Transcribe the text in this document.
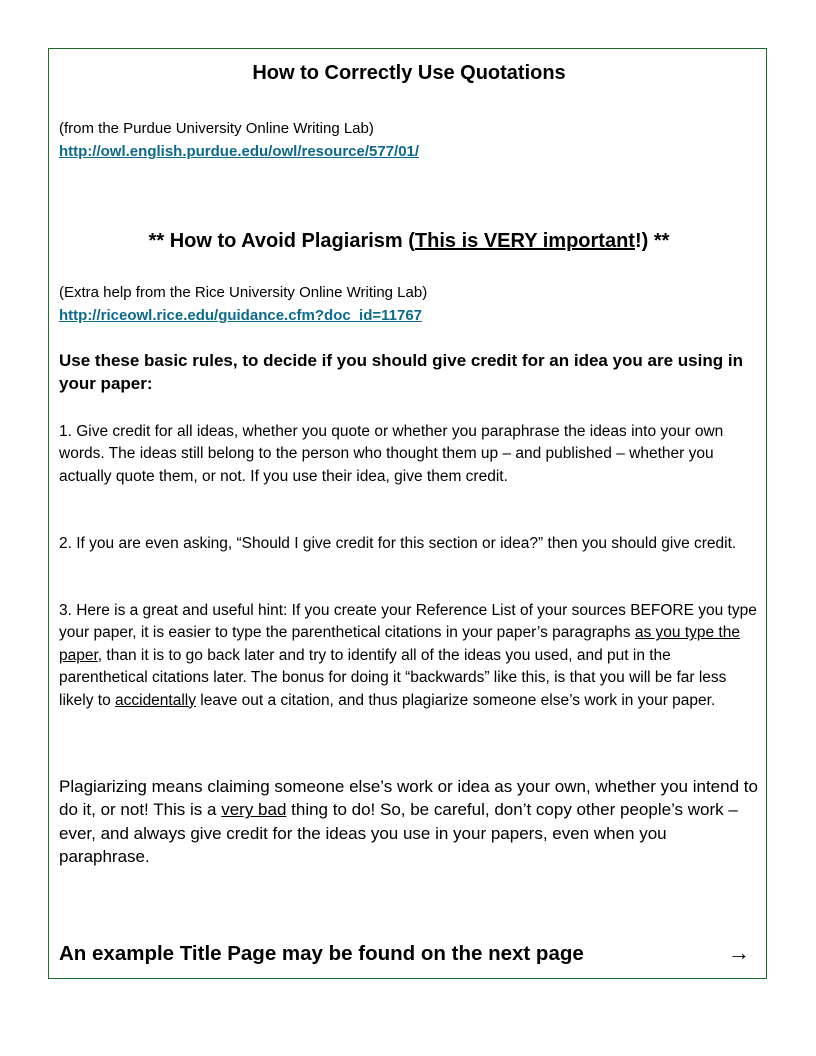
How to Correctly Use Quotations
(from the Purdue University Online Writing Lab)
http://owl.english.purdue.edu/owl/resource/577/01/
** How to Avoid Plagiarism (This is VERY important!) **
(Extra help from the Rice University Online Writing Lab)
http://riceowl.rice.edu/guidance.cfm?doc_id=11767
Use these basic rules, to decide if you should give credit for an idea you are using in your paper:
1. Give credit for all ideas, whether you quote or whether you paraphrase the ideas into your own words. The ideas still belong to the person who thought them up – and published – whether you actually quote them, or not. If you use their idea, give them credit.
2. If you are even asking, “Should I give credit for this section or idea?” then you should give credit.
3. Here is a great and useful hint: If you create your Reference List of your sources BEFORE you type your paper, it is easier to type the parenthetical citations in your paper’s paragraphs as you type the paper, than it is to go back later and try to identify all of the ideas you used, and put in the parenthetical citations later. The bonus for doing it “backwards” like this, is that you will be far less likely to accidentally leave out a citation, and thus plagiarize someone else’s work in your paper.
Plagiarizing means claiming someone else’s work or idea as your own, whether you intend to do it, or not! This is a very bad thing to do! So, be careful, don’t copy other people’s work – ever, and always give credit for the ideas you use in your papers, even when you paraphrase.
An example Title Page may be found on the next page	→
